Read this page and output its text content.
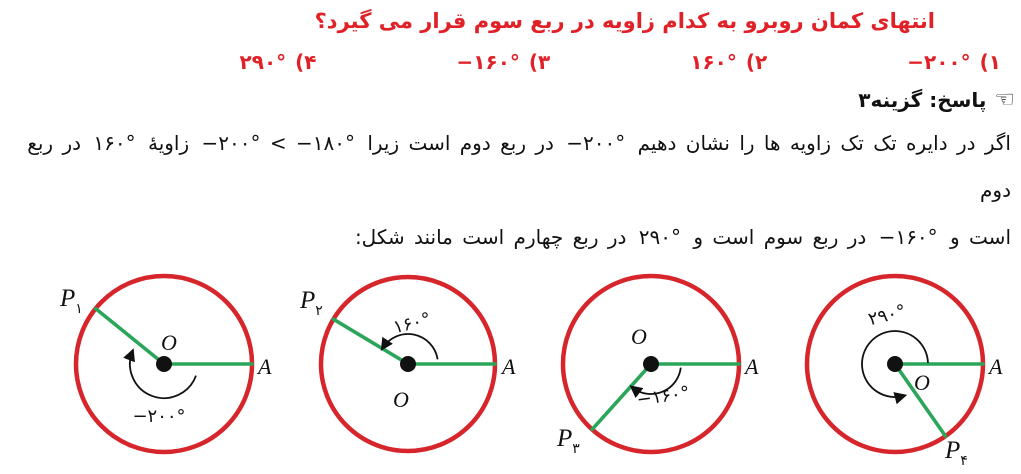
انتهای کمان روبرو به کدام زاویه در ربع سوم قرار می گیرد؟
(۱
−۲۰۰°
(۲
۱۶۰°
(۳
−۱۶۰°
(۴
۲۹۰°
☜
پاسخ: گزینه۳

اگر در دایره تک تک زاویه ها را نشان دهیم −۲۰۰° در ربع دوم است زیرا −۲۰۰° < −۱۸۰° زاویهٔ ۱۶۰° در ربع دوم

است و −۱۶۰° در ربع سوم است و ۲۹۰° در ربع چهارم است مانند شکل:

$P_۱$
O
A
−۲۰۰°
$P_۲$
O
A
۱۶۰°
$P_۳$
O
A
−۱۶۰°
$P_۴$
O
A
۲۹۰°
